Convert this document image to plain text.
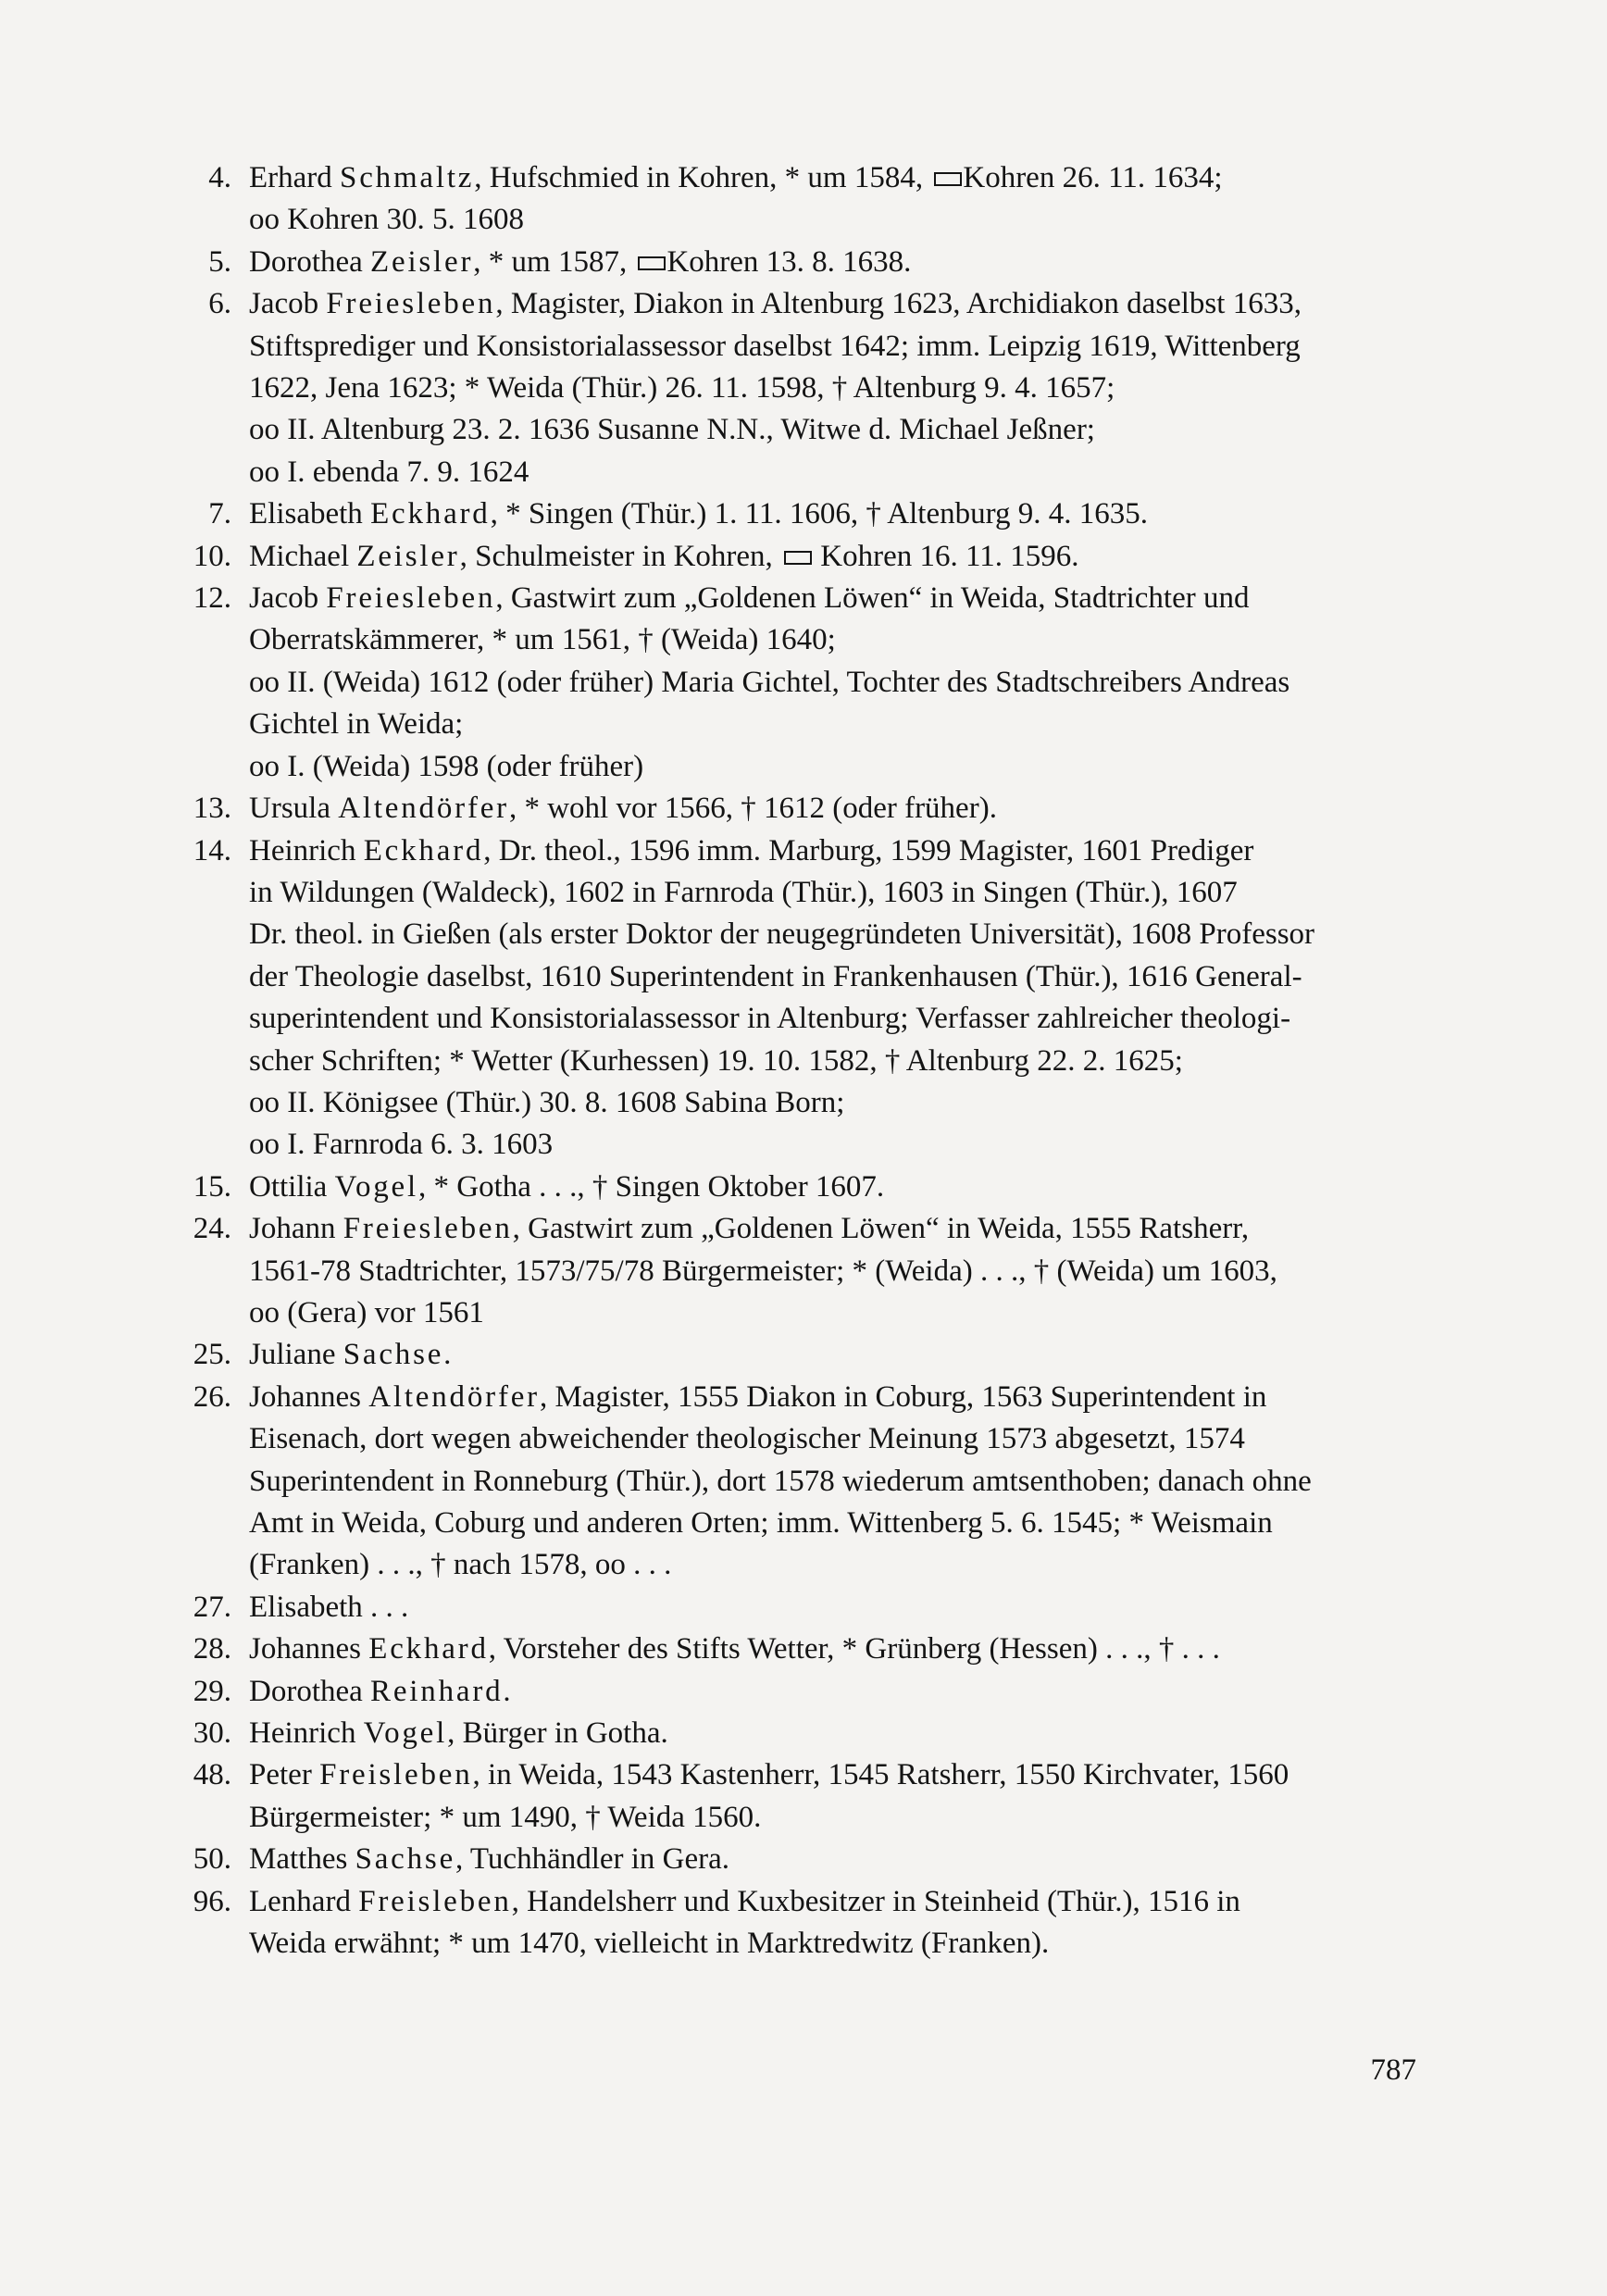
4. Erhard Schmaltz, Hufschmied in Kohren, * um 1584, Kohren 26. 11. 1634;
oo Kohren 30. 5. 1608
5. Dorothea Zeisler, * um 1587, Kohren 13. 8. 1638.
6. Jacob Freiesleben, Magister, Diakon in Altenburg 1623, Archidiakon daselbst 1633,
Stiftsprediger und Konsistorialassessor daselbst 1642; imm. Leipzig 1619, Wittenberg
1622, Jena 1623; * Weida (Thür.) 26. 11. 1598, † Altenburg 9. 4. 1657;
oo II. Altenburg 23. 2. 1636 Susanne N.N., Witwe d. Michael Jeßner;
oo I. ebenda 7. 9. 1624
7. Elisabeth Eckhard, * Singen (Thür.) 1. 11. 1606, † Altenburg 9. 4. 1635.
10. Michael Zeisler, Schulmeister in Kohren,  Kohren 16. 11. 1596.
12. Jacob Freiesleben, Gastwirt zum „Goldenen Löwen“ in Weida, Stadtrichter und
Oberratskämmerer, * um 1561, † (Weida) 1640;
oo II. (Weida) 1612 (oder früher) Maria Gichtel, Tochter des Stadtschreibers Andreas
Gichtel in Weida;
oo I. (Weida) 1598 (oder früher)
13. Ursula Altendörfer, * wohl vor 1566, † 1612 (oder früher).
14. Heinrich Eckhard, Dr. theol., 1596 imm. Marburg, 1599 Magister, 1601 Prediger
in Wildungen (Waldeck), 1602 in Farnroda (Thür.), 1603 in Singen (Thür.), 1607
Dr. theol. in Gießen (als erster Doktor der neugegründeten Universität), 1608 Professor
der Theologie daselbst, 1610 Superintendent in Frankenhausen (Thür.), 1616 General-
superintendent und Konsistorialassessor in Altenburg; Verfasser zahlreicher theologi-
scher Schriften; * Wetter (Kurhessen) 19. 10. 1582, † Altenburg 22. 2. 1625;
oo II. Königsee (Thür.) 30. 8. 1608 Sabina Born;
oo I. Farnroda 6. 3. 1603
15. Ottilia Vogel, * Gotha . . ., † Singen Oktober 1607.
24. Johann Freiesleben, Gastwirt zum „Goldenen Löwen“ in Weida, 1555 Ratsherr,
1561-78 Stadtrichter, 1573/75/78 Bürgermeister; * (Weida) . . ., † (Weida) um 1603,
oo (Gera) vor 1561
25. Juliane Sachse.
26. Johannes Altendörfer, Magister, 1555 Diakon in Coburg, 1563 Superintendent in
Eisenach, dort wegen abweichender theologischer Meinung 1573 abgesetzt, 1574
Superintendent in Ronneburg (Thür.), dort 1578 wiederum amtsenthoben; danach ohne
Amt in Weida, Coburg und anderen Orten; imm. Wittenberg 5. 6. 1545; * Weismain
(Franken) . . ., † nach 1578, oo . . .
27. Elisabeth . . .
28. Johannes Eckhard, Vorsteher des Stifts Wetter, * Grünberg (Hessen) . . ., † . . .
29. Dorothea Reinhard.
30. Heinrich Vogel, Bürger in Gotha.
48. Peter Freisleben, in Weida, 1543 Kastenherr, 1545 Ratsherr, 1550 Kirchvater, 1560
Bürgermeister; * um 1490, † Weida 1560.
50. Matthes Sachse, Tuchhändler in Gera.
96. Lenhard Freisleben, Handelsherr und Kuxbesitzer in Steinheid (Thür.), 1516 in
Weida erwähnt; * um 1470, vielleicht in Marktredwitz (Franken).
787
